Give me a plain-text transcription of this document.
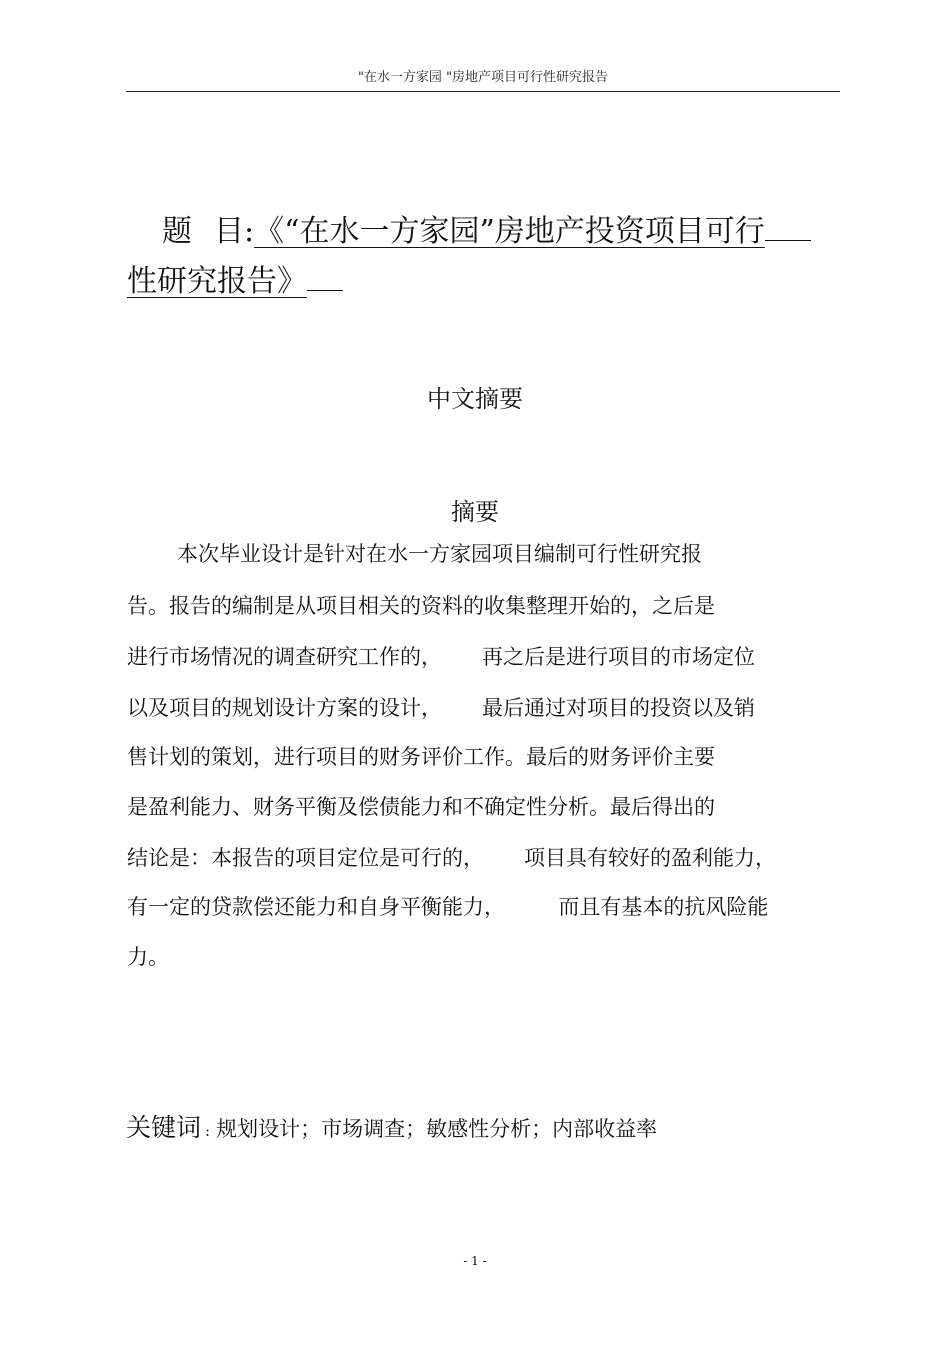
"在水一方家园 "房地产项目可行性研究报告
题 目:《“在水一方家园”房地产投资项目可行
性研究报告》
中文摘要
摘要
本次毕业设计是针对在水一方家园项目编制可行性研究报
告。报告的编制是从项目相关的资料的收集整理开始的，之后是
进行市场情况的调查研究工作的，      再之后是进行项目的市场定位
以及项目的规划设计方案的设计，      最后通过对项目的投资以及销
售计划的策划，进行项目的财务评价工作。最后的财务评价主要
是盈利能力、财务平衡及偿债能力和不确定性分析。最后得出的
结论是：本报告的项目定位是可行的，      项目具有较好的盈利能力，
有一定的贷款偿还能力和自身平衡能力，        而且有基本的抗风险能
力。
关键词 : 规划设计；市场调查；敏感性分析；内部收益率
- 1 -
